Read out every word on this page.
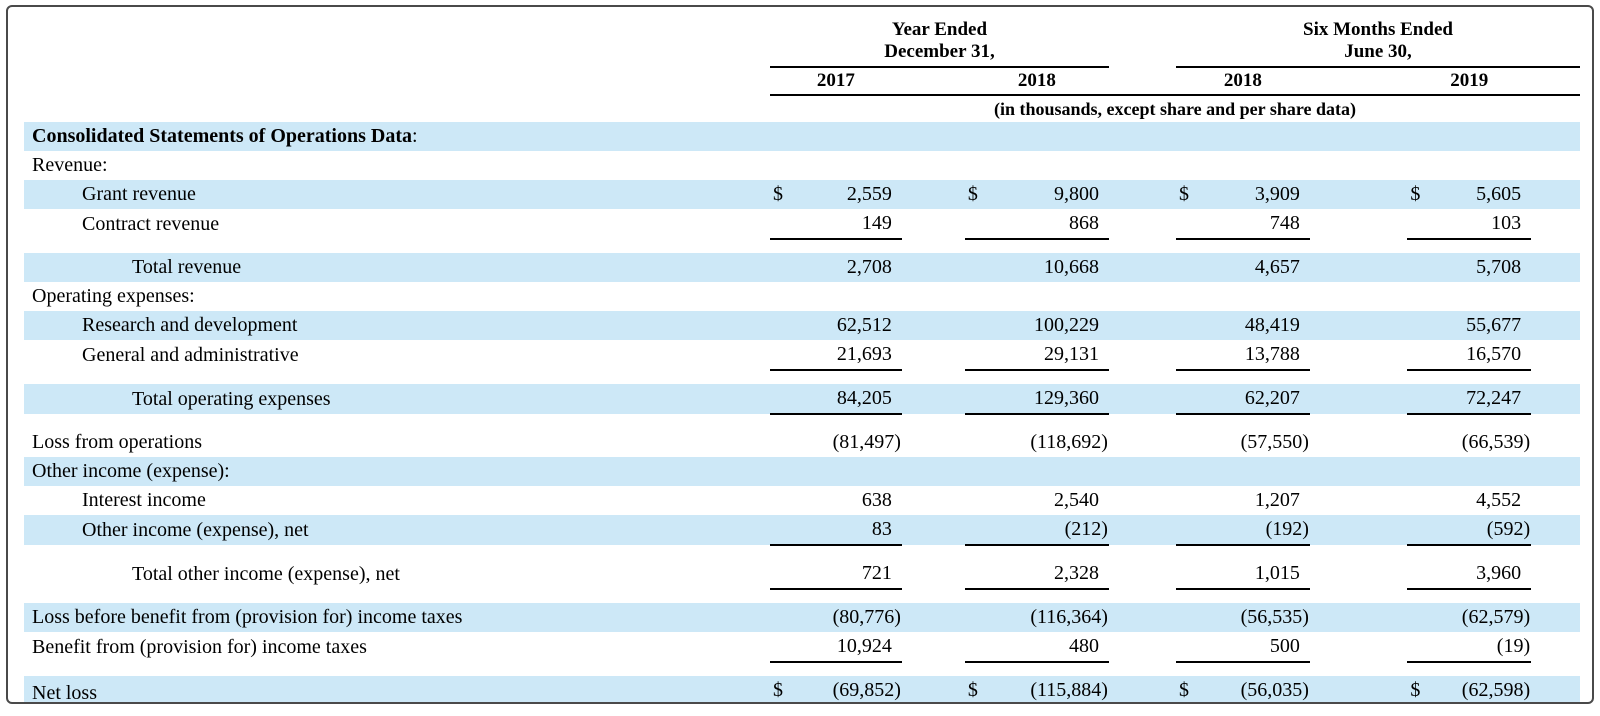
Year Ended
December 31,

Six Months Ended
June 30,

	2017			2018			2018			2019		
	(in thousands, except share and per share data)											
Consolidated Statements of Operations Data:												
Revenue:												
Grant revenue	$	2,559		$	9,800		$	3,909		$	5,605	
Contract revenue		149			868			748			103	

Total revenue		2,708			10,668			4,657			5,708	
Operating expenses:												
Research and development		62,512			100,229			48,419			55,677	
General and administrative		21,693			29,131			13,788			16,570	

Total operating expenses		84,205			129,360			62,207			72,247	

Loss from operations		(81,497)			(118,692)			(57,550)			(66,539)	
Other income (expense):												
Interest income		638			2,540			1,207			4,552	
Other income (expense), net		83			(212)			(192)			(592)	

Total other income (expense), net		721			2,328			1,015			3,960	

Loss before benefit from (provision for) income taxes		(80,776)			(116,364)			(56,535)			(62,579)	
Benefit from (provision for) income taxes		10,924			480			500			(19)	

Net loss	$	(69,852)		$	(115,884)		$	(56,035)		$	(62,598)	
